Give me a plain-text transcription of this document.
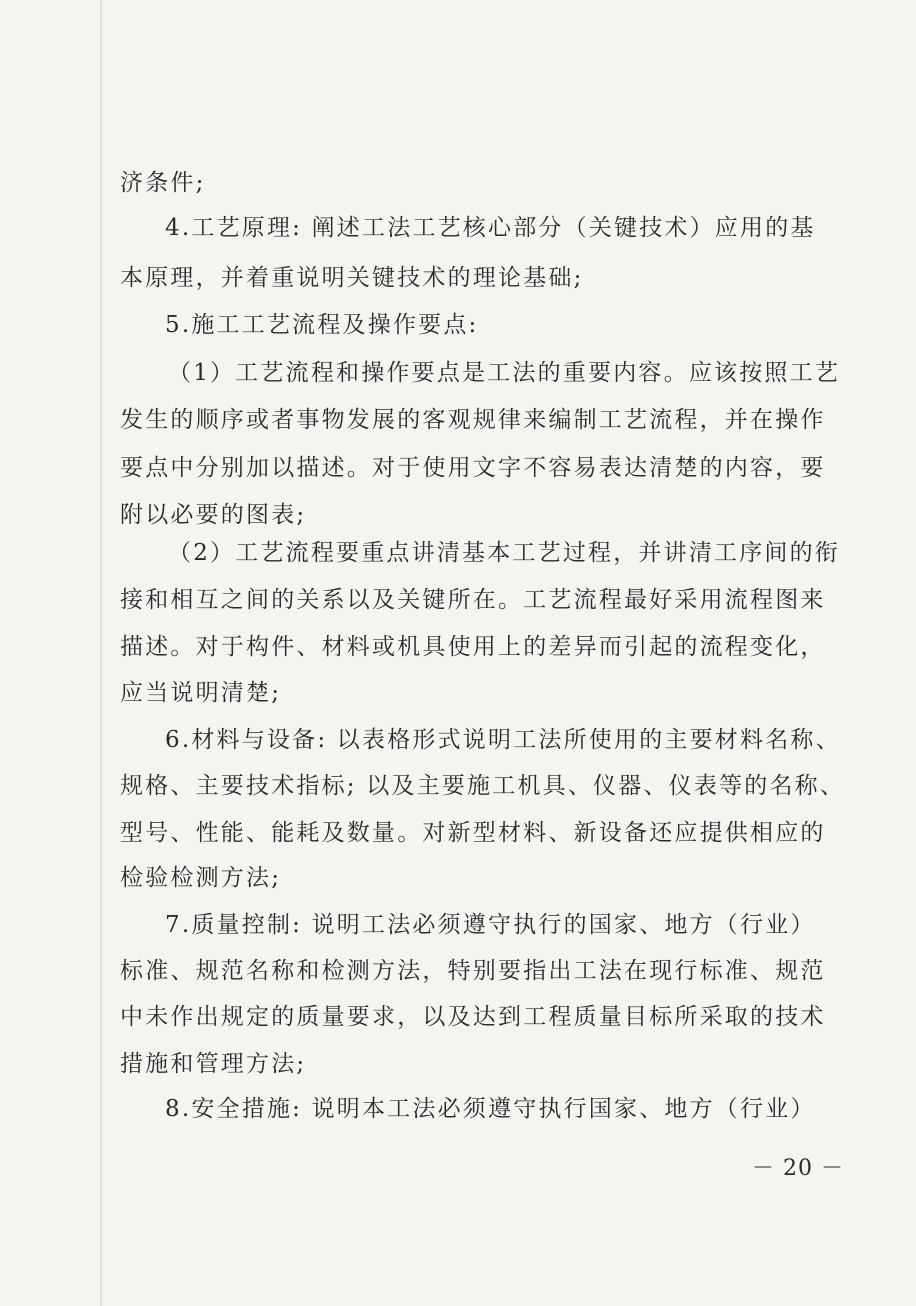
济条件;
4.工艺原理: 阐述工法工艺核心部分（关键技术）应用的基
本原理，并着重说明关键技术的理论基础;
5.施工工艺流程及操作要点:
（1）工艺流程和操作要点是工法的重要内容。应该按照工艺
发生的顺序或者事物发展的客观规律来编制工艺流程，并在操作
要点中分别加以描述。对于使用文字不容易表达清楚的内容，要
附以必要的图表;
（2）工艺流程要重点讲清基本工艺过程，并讲清工序间的衔
接和相互之间的关系以及关键所在。工艺流程最好采用流程图来
描述。对于构件、材料或机具使用上的差异而引起的流程变化，
应当说明清楚;
6.材料与设备: 以表格形式说明工法所使用的主要材料名称、
规格、主要技术指标; 以及主要施工机具、仪器、仪表等的名称、
型号、性能、能耗及数量。对新型材料、新设备还应提供相应的
检验检测方法;
7.质量控制: 说明工法必须遵守执行的国家、地方（行业）
标准、规范名称和检测方法，特别要指出工法在现行标准、规范
中未作出规定的质量要求，以及达到工程质量目标所采取的技术
措施和管理方法;
8.安全措施: 说明本工法必须遵守执行国家、地方（行业）
－ 20 －
